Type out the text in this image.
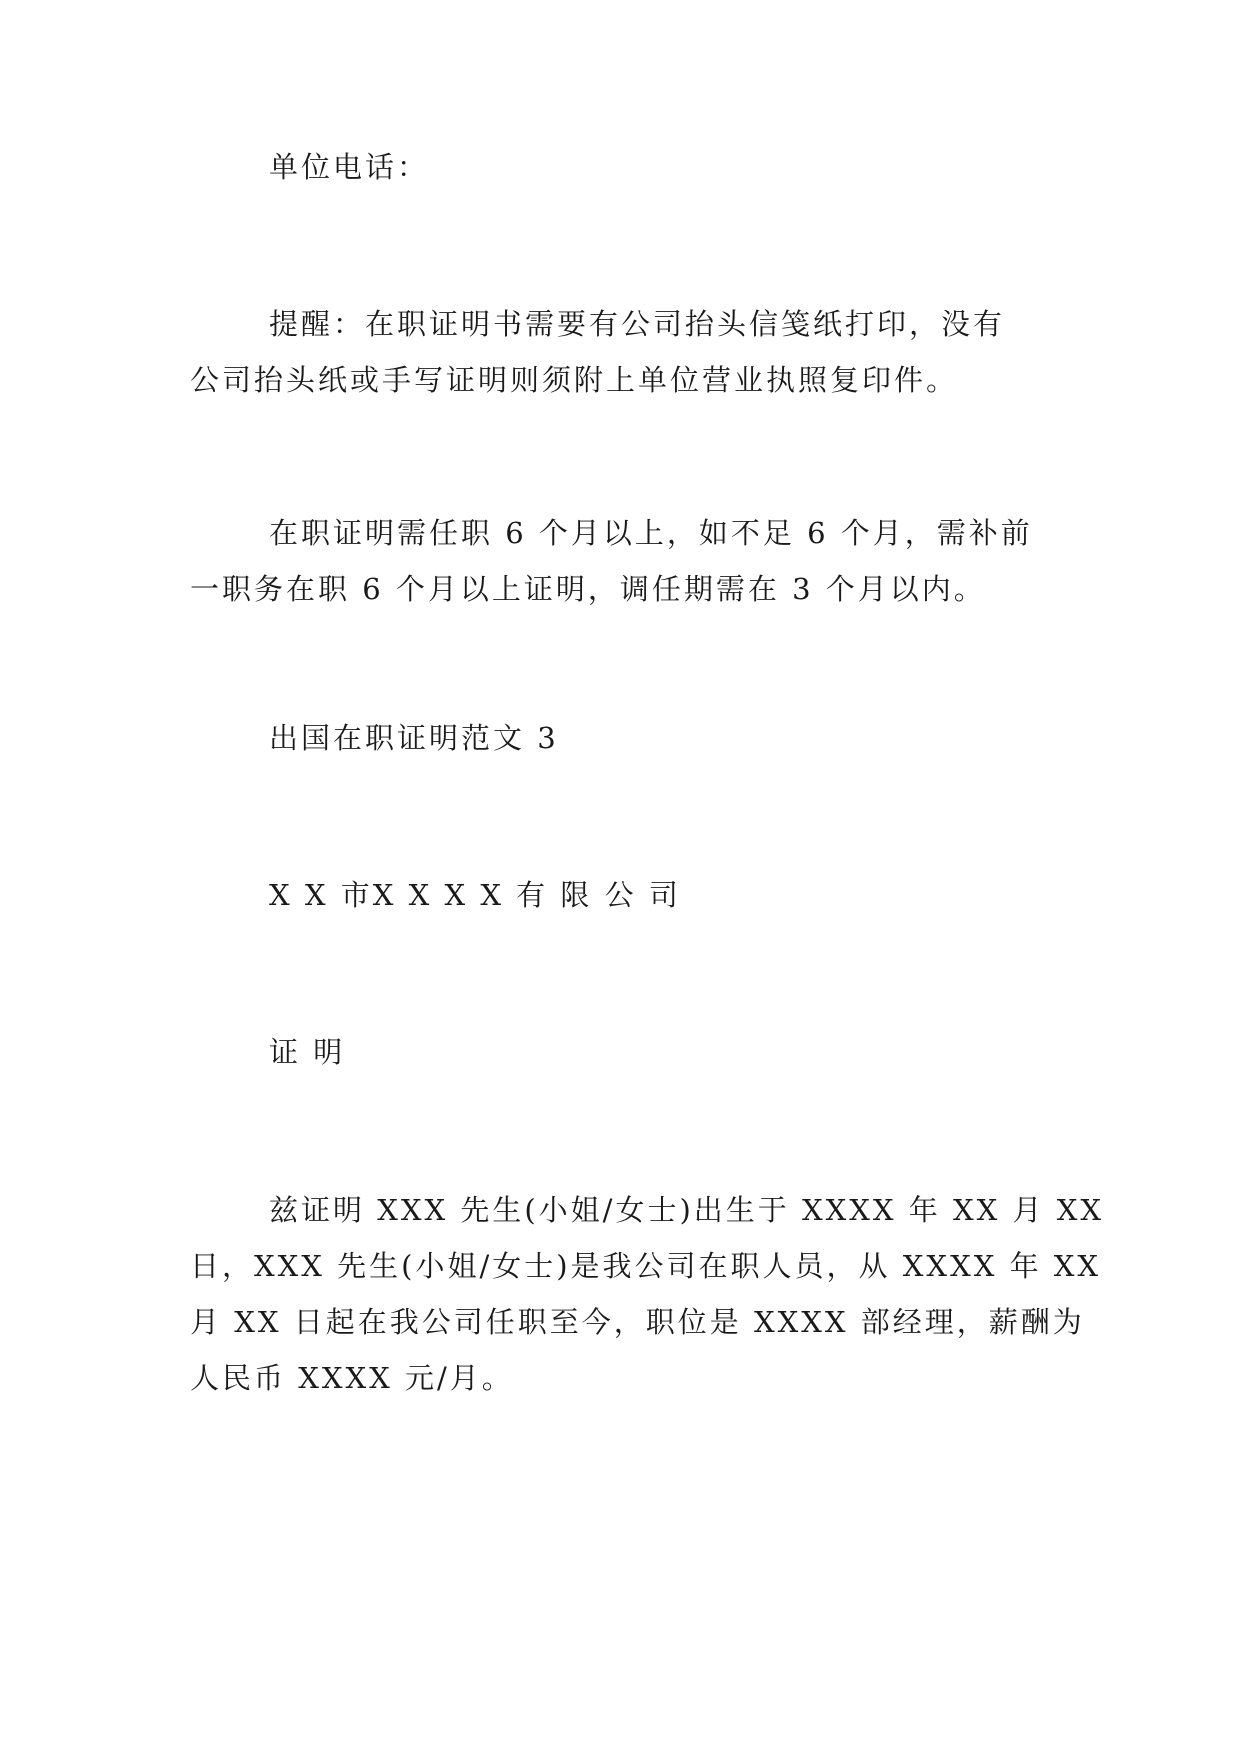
单位电话：

提醒：在职证明书需要有公司抬头信笺纸打印，没有
公司抬头纸或手写证明则须附上单位营业执照复印件。

在职证明需任职 6 个月以上，如不足 6 个月，需补前
一职务在职 6 个月以上证明，调任期需在 3 个月以内。

出国在职证明范文 3

X X 市X X X X 有 限 公 司

证 明

兹证明 XXX 先生(小姐/女士)出生于 XXXX 年 XX 月 XX
日，XXX 先生(小姐/女士)是我公司在职人员，从 XXXX 年 XX
月 XX 日起在我公司任职至今，职位是 XXXX 部经理，薪酬为
人民币 XXXX 元/月。
